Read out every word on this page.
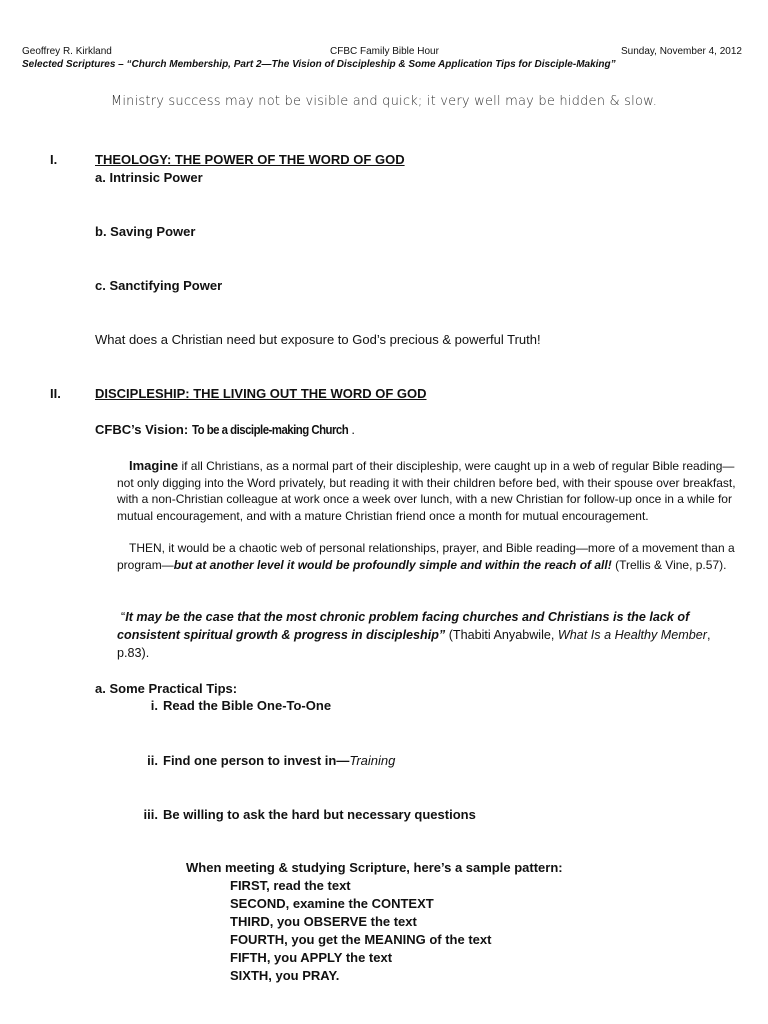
Geoffrey R. Kirkland	CFBC Family Bible Hour	Sunday, November 4, 2012
Selected Scriptures – “Church Membership, Part 2—The Vision of Discipleship & Some Application Tips for Disciple-Making”
Ministry success may not be visible and quick; it very well may be hidden & slow.
I.	THEOLOGY: THE POWER OF THE WORD OF GOD
a. Intrinsic Power
b. Saving Power
c. Sanctifying Power
What does a Christian need but exposure to God’s precious & powerful Truth!
II.	DISCIPLESHIP: THE LIVING OUT THE WORD OF GOD
CFBC’s Vision: To be a disciple-making Church .
Imagine if all Christians, as a normal part of their discipleship, were caught up in a web of regular Bible reading—not only digging into the Word privately, but reading it with their children before bed, with their spouse over breakfast, with a non-Christian colleague at work once a week over lunch, with a new Christian for follow-up once in a while for mutual encouragement, and with a mature Christian friend once a month for mutual encouragement.
THEN, it would be a chaotic web of personal relationships, prayer, and Bible reading—more of a movement than a program—but at another level it would be profoundly simple and within the reach of all! (Trellis & Vine, p.57).
“It may be the case that the most chronic problem facing churches and Christians is the lack of consistent spiritual growth & progress in discipleship” (Thabiti Anyabwile, What Is a Healthy Member, p.83).
a. Some Practical Tips:
i. Read the Bible One-To-One
ii. Find one person to invest in—Training
iii. Be willing to ask the hard but necessary questions
When meeting & studying Scripture, here’s a sample pattern:
FIRST, read the text
SECOND, examine the CONTEXT
THIRD, you OBSERVE the text
FOURTH, you get the MEANING of the text
FIFTH, you APPLY the text
SIXTH, you PRAY.
